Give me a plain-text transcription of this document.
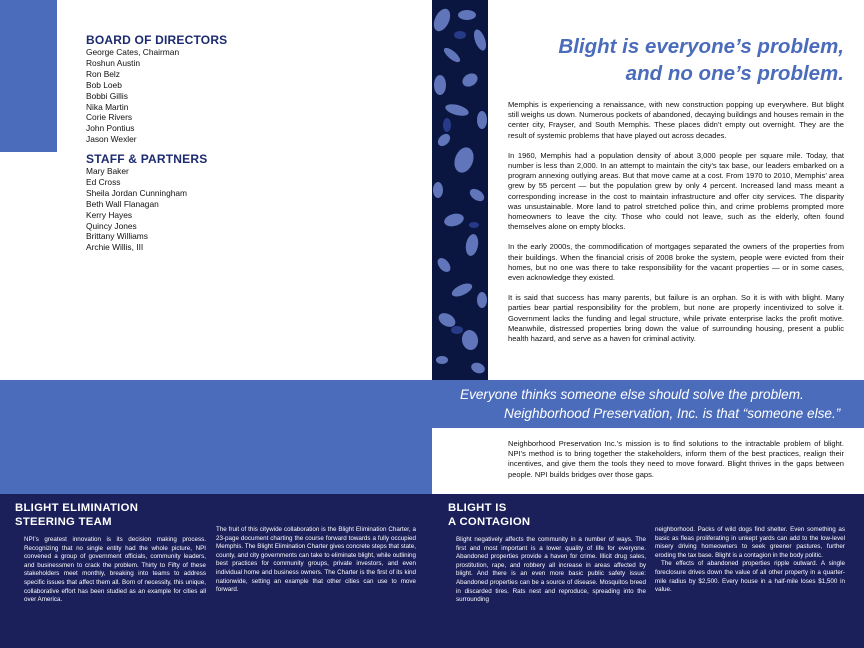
BOARD OF DIRECTORS
George Cates, Chairman
Roshun Austin
Ron Belz
Bob Loeb
Bobbi Gillis
Nika Martin
Corie Rivers
John Pontius
Jason Wexler
STAFF & PARTNERS
Mary Baker
Ed Cross
Sheila Jordan Cunningham
Beth Wall Flanagan
Kerry Hayes
Quincy Jones
Brittany Williams
Archie Willis, III
Blight is everyone’s problem,
and no one’s problem.

Memphis is experiencing a renaissance, with new construction popping up everywhere. But blight still weighs us down. Numerous pockets of abandoned, decaying buildings and houses remain in the center city, Frayser, and South Memphis. These places didn’t empty out overnight. They are the result of systemic problems that have played out across decades.

In 1960, Memphis had a population density of about 3,000 people per square mile. Today, that number is less than 2,000. In an attempt to maintain the city’s tax base, our leaders embarked on a program annexing outlying areas. But that move came at a cost. From 1970 to 2010, Memphis’ area grew by 55 percent — but the population grew by only 4 percent. Increased land mass meant a corresponding increase in the cost to maintain infrastructure and offer city services. The disparity was unsustainable. More land to patrol stretched police thin, and crime problems prompted more homeowners to leave the city. Those who could not leave, such as the elderly, often found themselves alone on empty blocks.

In the early 2000s, the commodification of mortgages separated the owners of the properties from their buildings. When the financial crisis of 2008 broke the system, people were evicted from their homes, but no one was there to take responsibility for the vacant properties — or in some cases, even acknowledge they existed.

It is said that success has many parents, but failure is an orphan. So it is with with blight. Many parties bear partial responsibility for the problem, but none are properly incentivized to solve it. Government lacks the funding and legal structure, while private enterprise lacks the profit motive. Meanwhile, distressed properties bring down the value of surrounding housing, present a public health hazard, and serve as a haven for criminal activity.

Everyone thinks someone else should solve the problem.
Neighborhood Preservation, Inc. is that “someone else.”
Neighborhood Preservation Inc.’s mission is to find solutions to the intractable problem of blight. NPI’s method is to bring together the stakeholders, inform them of the best practices, realign their incentives, and give them the tools they need to move forward. Blight thrives in the gaps between people. NPI builds bridges over those gaps.
BLIGHT ELIMINATION
STEERING TEAM

NPI’s greatest innovation is its decision making process. Recognizing that no single entity had the whole picture, NPI convened a group of government officials, community leaders, and businessmen to crack the problem. Thirty to Fifty of these stakeholders meet monthly, breaking into teams to address specific issues that affect them all. Born of necessity, this unique, collaborative effort has been studied as an example for cities all over America.

The fruit of this citywide collaboration is the Blight Elimination Charter, a 23-page document charting the course forward towards a fully occupied Memphis. The Blight Elimination Charter gives concrete steps that state, county, and city governments can take to eliminate blight, while outlining best practices for community groups, private investors, and even individual home and business owners. The Charter is the first of its kind nationwide, setting an example that other cities can use to move forward.

BLIGHT IS
A CONTAGION

Blight negatively affects the community in a number of ways. The first and most important is a lower quality of life for everyone. Abandoned properties provide a haven for crime. Illicit drug sales, prostitution, rape, and robbery all increase in areas affected by blight. And there is an even more basic public safety issue: Abandoned properties can be a source of disease. Mosquitos breed in discarded tires. Rats nest and reproduce, spreading into the surrounding

neighborhood. Packs of wild dogs find shelter. Even something as basic as fleas proliferating in unkept yards can add to the low-level misery driving homeowners to seek greener pastures, further eroding the tax base. Blight is a contagion in the body politic.

The effects of abandoned properties ripple outward. A single foreclosure drives down the value of all other property in a quarter-mile radius by $2,500. Every house in a half-mile loses $1,500 in value.
